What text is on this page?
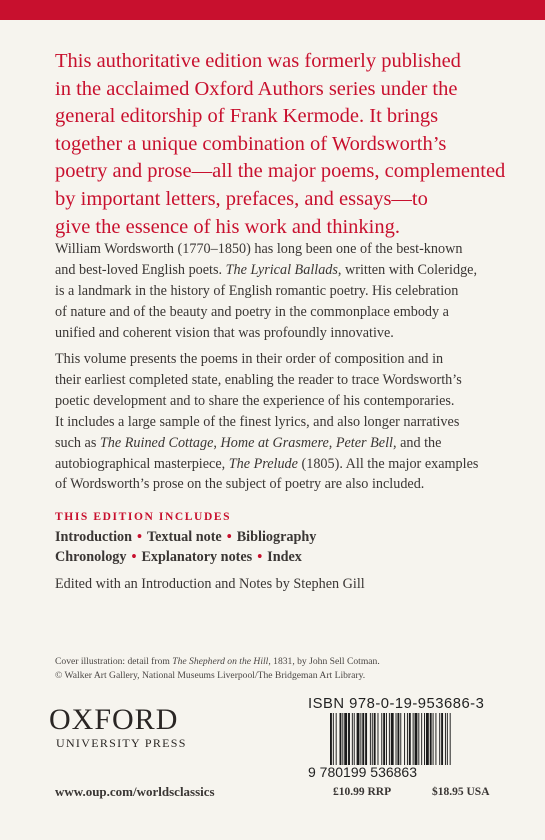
This authoritative edition was formerly published
in the acclaimed Oxford Authors series under the
general editorship of Frank Kermode. It brings
together a unique combination of Wordsworth’s
poetry and prose—all the major poems, complemented
by important letters, prefaces, and essays—to
give the essence of his work and thinking.
William Wordsworth (1770–1850) has long been one of the best-known
and best-loved English poets. The Lyrical Ballads, written with Coleridge,
is a landmark in the history of English romantic poetry. His celebration
of nature and of the beauty and poetry in the commonplace embody a
unified and coherent vision that was profoundly innovative.
This volume presents the poems in their order of composition and in
their earliest completed state, enabling the reader to trace Wordsworth’s
poetic development and to share the experience of his contemporaries.
It includes a large sample of the finest lyrics, and also longer narratives
such as The Ruined Cottage, Home at Grasmere, Peter Bell, and the
autobiographical masterpiece, The Prelude (1805). All the major examples
of Wordsworth’s prose on the subject of poetry are also included.
THIS EDITION INCLUDES
Introduction • Textual note • Bibliography
Chronology • Explanatory notes • Index
Edited with an Introduction and Notes by Stephen Gill
Cover illustration: detail from The Shepherd on the Hill, 1831, by John Sell Cotman.
© Walker Art Gallery, National Museums Liverpool/The Bridgeman Art Library.
OXFORD
UNIVERSITY PRESS
ISBN 978-0-19-953686-3
9 780199 536863
www.oup.com/worldsclassics	£10.99 RRP	$18.95 USA
